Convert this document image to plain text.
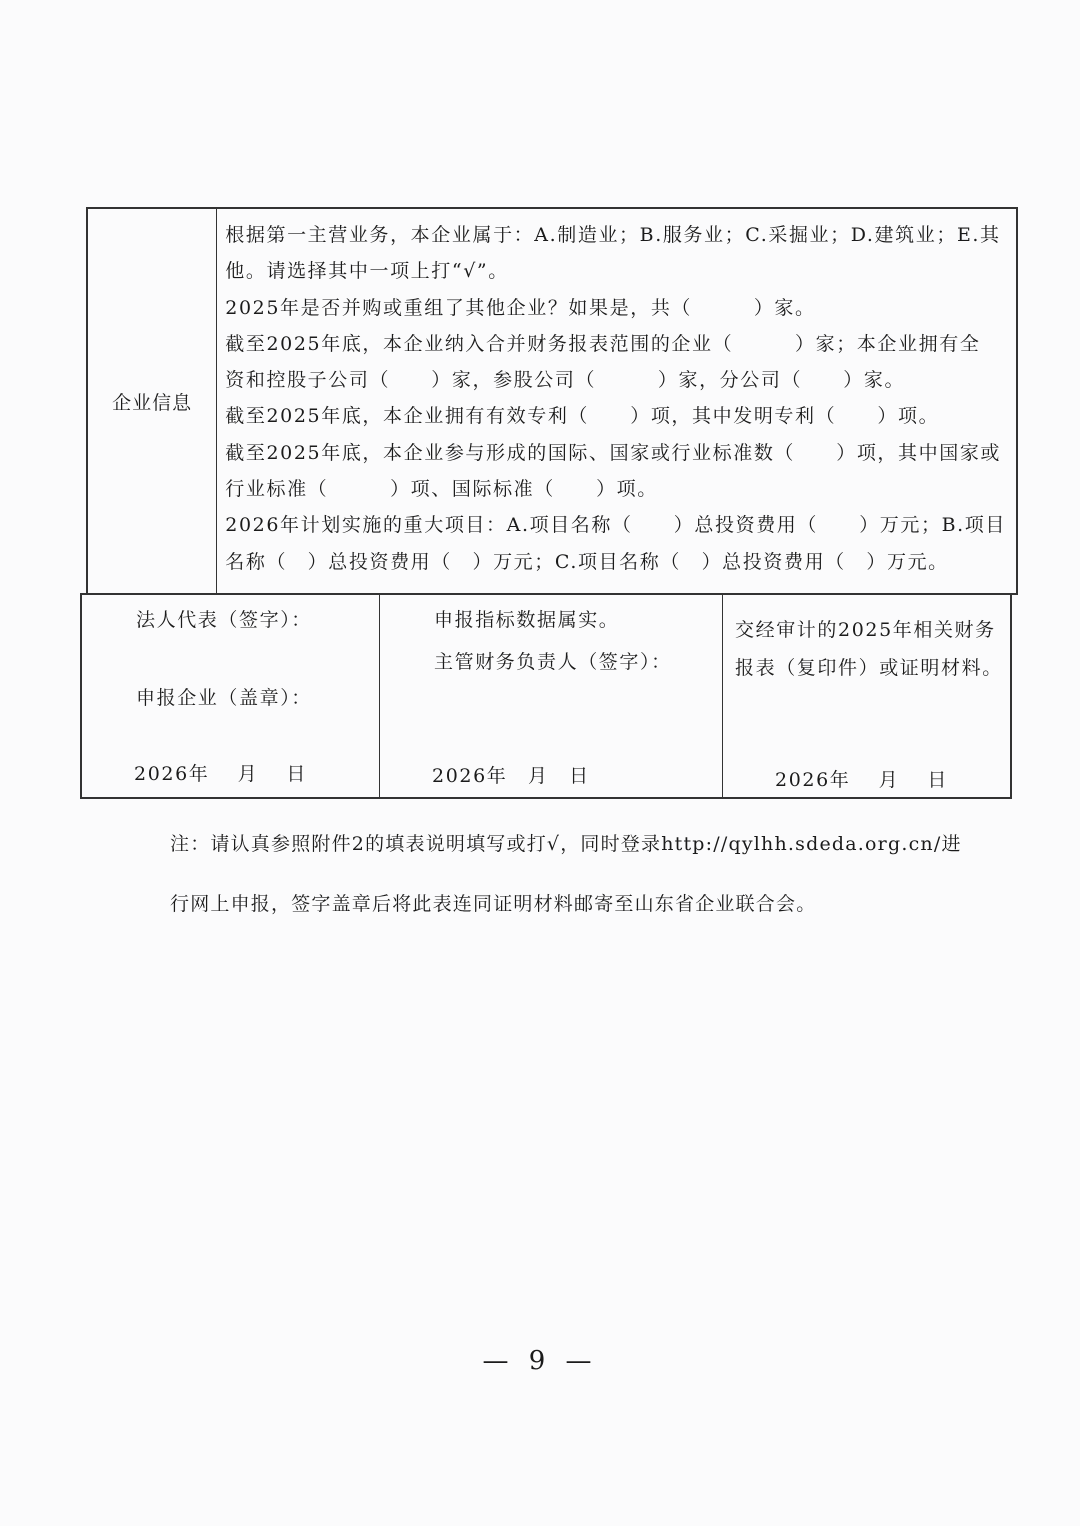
企业信息

根据第一主营业务，本企业属于：A.制造业；B.服务业；C.采掘业；D.建筑业；E.其

他。请选择其中一项上打“√”。

2025年是否并购或重组了其他企业？如果是，共（　　　）家。

截至2025年底，本企业纳入合并财务报表范围的企业（　　　）家；本企业拥有全

资和控股子公司（　　）家，参股公司（　　　）家，分公司（　　）家。

截至2025年底，本企业拥有有效专利（　　）项，其中发明专利（　　）项。

截至2025年底，本企业参与形成的国际、国家或行业标准数（　　）项，其中国家或

行业标准（　　　）项、国际标准（　　）项。

2026年计划实施的重大项目：A.项目名称（　　）总投资费用（　　）万元；B.项目

名称（　）总投资费用（　）万元；C.项目名称（　）总投资费用（　）万元。

法人代表（签字）：
申报企业（盖章）：
2026年　 月　 日
申报指标数据属实。
主管财务负责人（签字）：
2026年　月　日
交经审计的2025年相关财务
报表（复印件）或证明材料。
2026年　 月　 日

注：请认真参照附件2的填表说明填写或打√，同时登录http://qylhh.sdeda.org.cn/进

行网上申报，签字盖章后将此表连同证明材料邮寄至山东省企业联合会。

— 9 —
